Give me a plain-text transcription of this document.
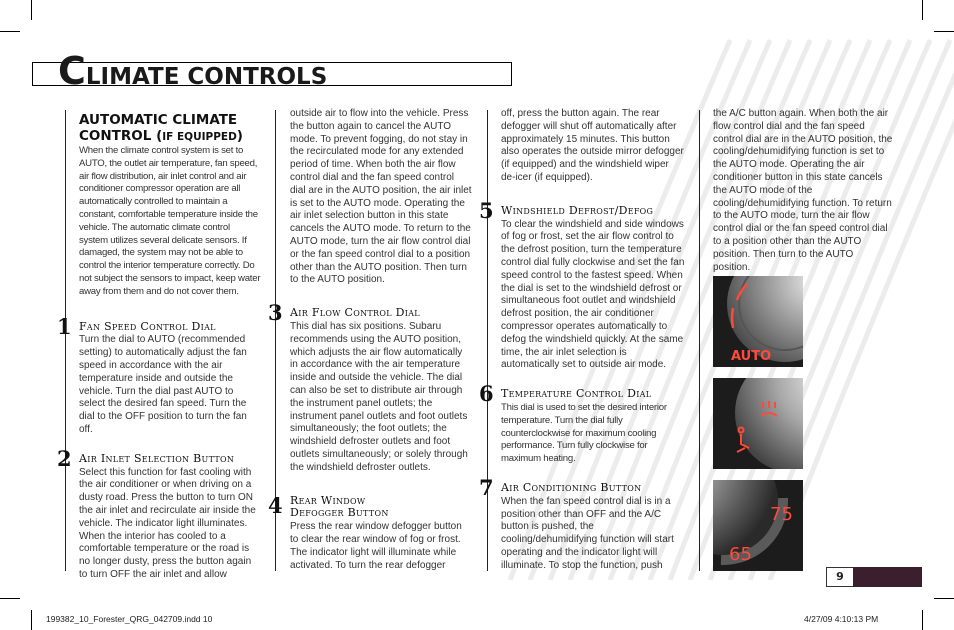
CLIMATE CONTROLS
AUTOMATIC CLIMATE
CONTROL (IF EQUIPPED)

When the climate control system is set to AUTO, the outlet air temperature, fan speed, air flow distribution, air inlet control and air conditioner compressor operation are all automatically controlled to maintain a constant, comfortable temperature inside the vehicle. The automatic climate control system utilizes several delicate sensors. If damaged, the system may not be able to control the interior temperature correctly. Do not subject the sensors to impact, keep water away from them and do not cover them.

1 Fan Speed Control Dial

Turn the dial to AUTO (recommended setting) to automatically adjust the fan speed in accordance with the air temperature inside and outside the vehicle. Turn the dial past AUTO to select the desired fan speed. Turn the dial to the OFF position to turn the fan off.

2 Air Inlet Selection Button

Select this function for fast cooling with the air conditioner or when driving on a dusty road. Press the button to turn ON the air inlet and recirculate air inside the vehicle. The indicator light illuminates. When the interior has cooled to a comfortable temperature or the road is no longer dusty, press the button again to turn OFF the air inlet and allow

outside air to flow into the vehicle. Press the button again to cancel the AUTO mode. To prevent fogging, do not stay in the recirculated mode for any extended period of time. When both the air flow control dial and the fan speed control dial are in the AUTO position, the air inlet is set to the AUTO mode. Operating the air inlet selection button in this state cancels the AUTO mode. To return to the AUTO mode, turn the air flow control dial or the fan speed control dial to a position other than the AUTO position. Then turn to the AUTO position.

3 Air Flow Control Dial

This dial has six positions. Subaru recommends using the AUTO position, which adjusts the air flow automatically in accordance with the air temperature inside and outside the vehicle. The dial can also be set to distribute air through the instrument panel outlets; the instrument panel outlets and foot outlets simultaneously; the foot outlets; the windshield defroster outlets and foot outlets simultaneously; or solely through the windshield defroster outlets.

4 Rear Window
Defogger Button

Press the rear window defogger button to clear the rear window of fog or frost. The indicator light will illuminate while activated. To turn the rear defogger

off, press the button again. The rear defogger will shut off automatically after approximately 15 minutes. This button also operates the outside mirror defogger (if equipped) and the windshield wiper de-icer (if equipped).

5 Windshield Defrost/Defog

To clear the windshield and side windows of fog or frost, set the air flow control to the defrost position, turn the temperature control dial fully clockwise and set the fan speed control to the fastest speed. When the dial is set to the windshield defrost or simultaneous foot outlet and windshield defrost position, the air conditioner compressor operates automatically to defog the windshield quickly. At the same time, the air inlet selection is automatically set to outside air mode.

6 Temperature Control Dial

This dial is used to set the desired interior temperature. Turn the dial fully counterclockwise for maximum cooling performance. Turn fully clockwise for maximum heating.

7 Air Conditioning Button

When the fan speed control dial is in a position other than OFF and the A/C button is pushed, the cooling/dehumidifying function will start operating and the indicator light will illuminate. To stop the function, push

the A/C button again. When both the air flow control dial and the fan speed control dial are in the AUTO position, the cooling/dehumidifying function is set to the AUTO mode. Operating the air conditioner button in this state cancels the AUTO mode of the cooling/dehumidifying function. To return to the AUTO mode, turn the air flow control dial or the fan speed control dial to a position other than the AUTO position. Then turn to the AUTO position.

AUTO
75
65
9
199382_10_Forester_QRG_042709.indd 10	4/27/09 4:10:13 PM
